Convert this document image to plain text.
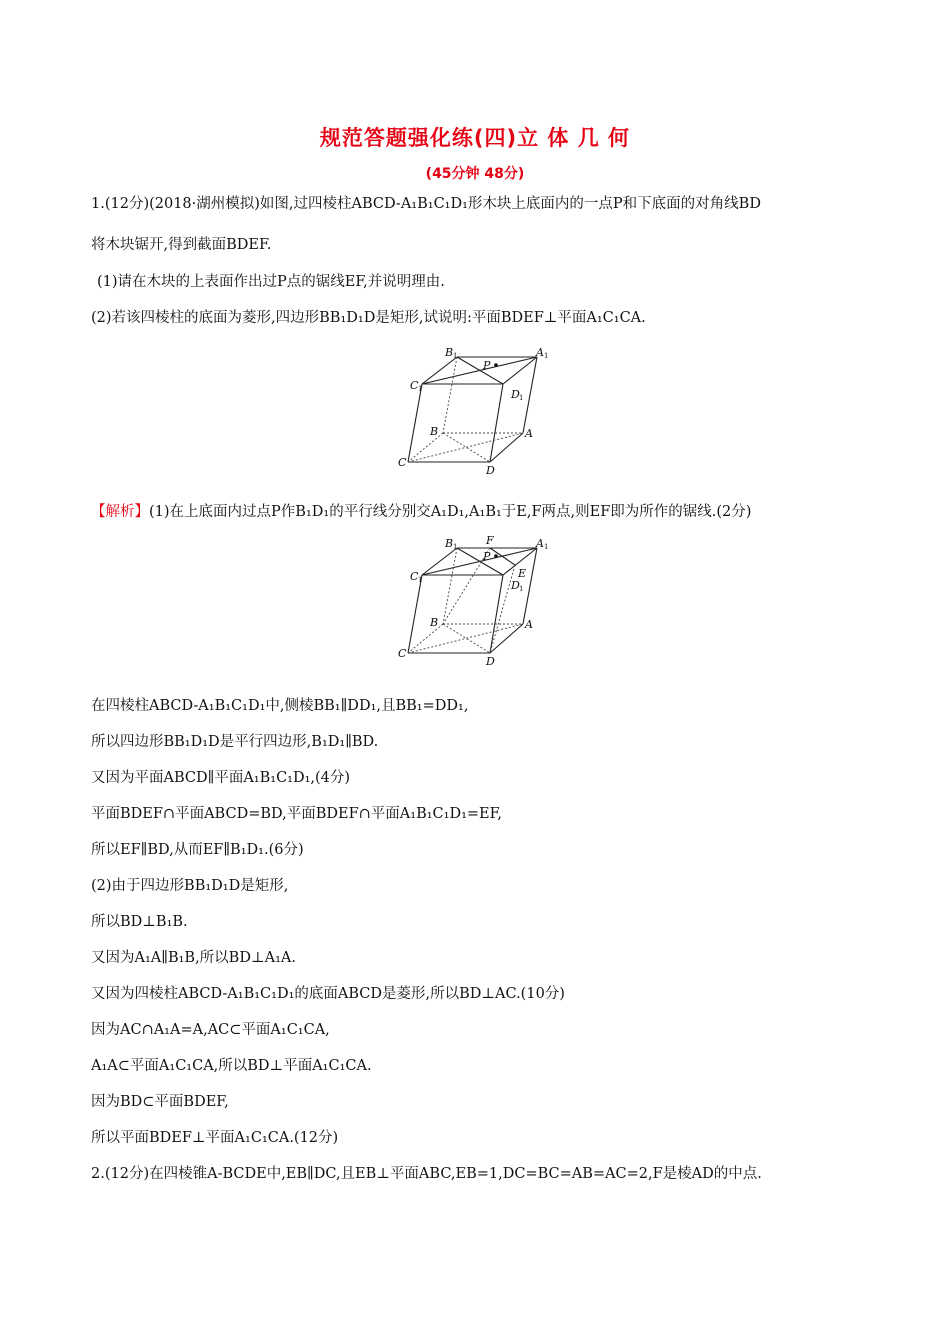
规范答题强化练(四)立 体 几 何
(45分钟 48分)
1.(12分)(2018·湖州模拟)如图,过四棱柱ABCD-A₁B₁C₁D₁形木块上底面内的一点P和下底面的对角线BD
将木块锯开,得到截面BDEF.
(1)请在木块的上表面作出过P点的锯线EF,并说明理由.
(2)若该四棱柱的底面为菱形,四边形BB₁D₁D是矩形,试说明:平面BDEF⊥平面A₁C₁CA.
B 1	A 1
P
C 1	D 1
B	A
C
D
【解析】(1)在上底面内过点P作B₁D₁的平行线分别交A₁D₁,A₁B₁于E,F两点,则EF即为所作的锯线.(2分)
B 1	F	A 1
P
C 1	E
D 1
B	A
C
D
在四棱柱ABCD-A₁B₁C₁D₁中,侧棱BB₁∥DD₁,且BB₁=DD₁,
所以四边形BB₁D₁D是平行四边形,B₁D₁∥BD.
又因为平面ABCD∥平面A₁B₁C₁D₁,(4分)
平面BDEF∩平面ABCD=BD,平面BDEF∩平面A₁B₁C₁D₁=EF,
所以EF∥BD,从而EF∥B₁D₁.(6分)
(2)由于四边形BB₁D₁D是矩形,
所以BD⊥B₁B.
又因为A₁A∥B₁B,所以BD⊥A₁A.
又因为四棱柱ABCD-A₁B₁C₁D₁的底面ABCD是菱形,所以BD⊥AC.(10分)
因为AC∩A₁A=A,AC⊂平面A₁C₁CA,
A₁A⊂平面A₁C₁CA,所以BD⊥平面A₁C₁CA.
因为BD⊂平面BDEF,
所以平面BDEF⊥平面A₁C₁CA.(12分)
2.(12分)在四棱锥A-BCDE中,EB∥DC,且EB⊥平面ABC,EB=1,DC=BC=AB=AC=2,F是棱AD的中点.
